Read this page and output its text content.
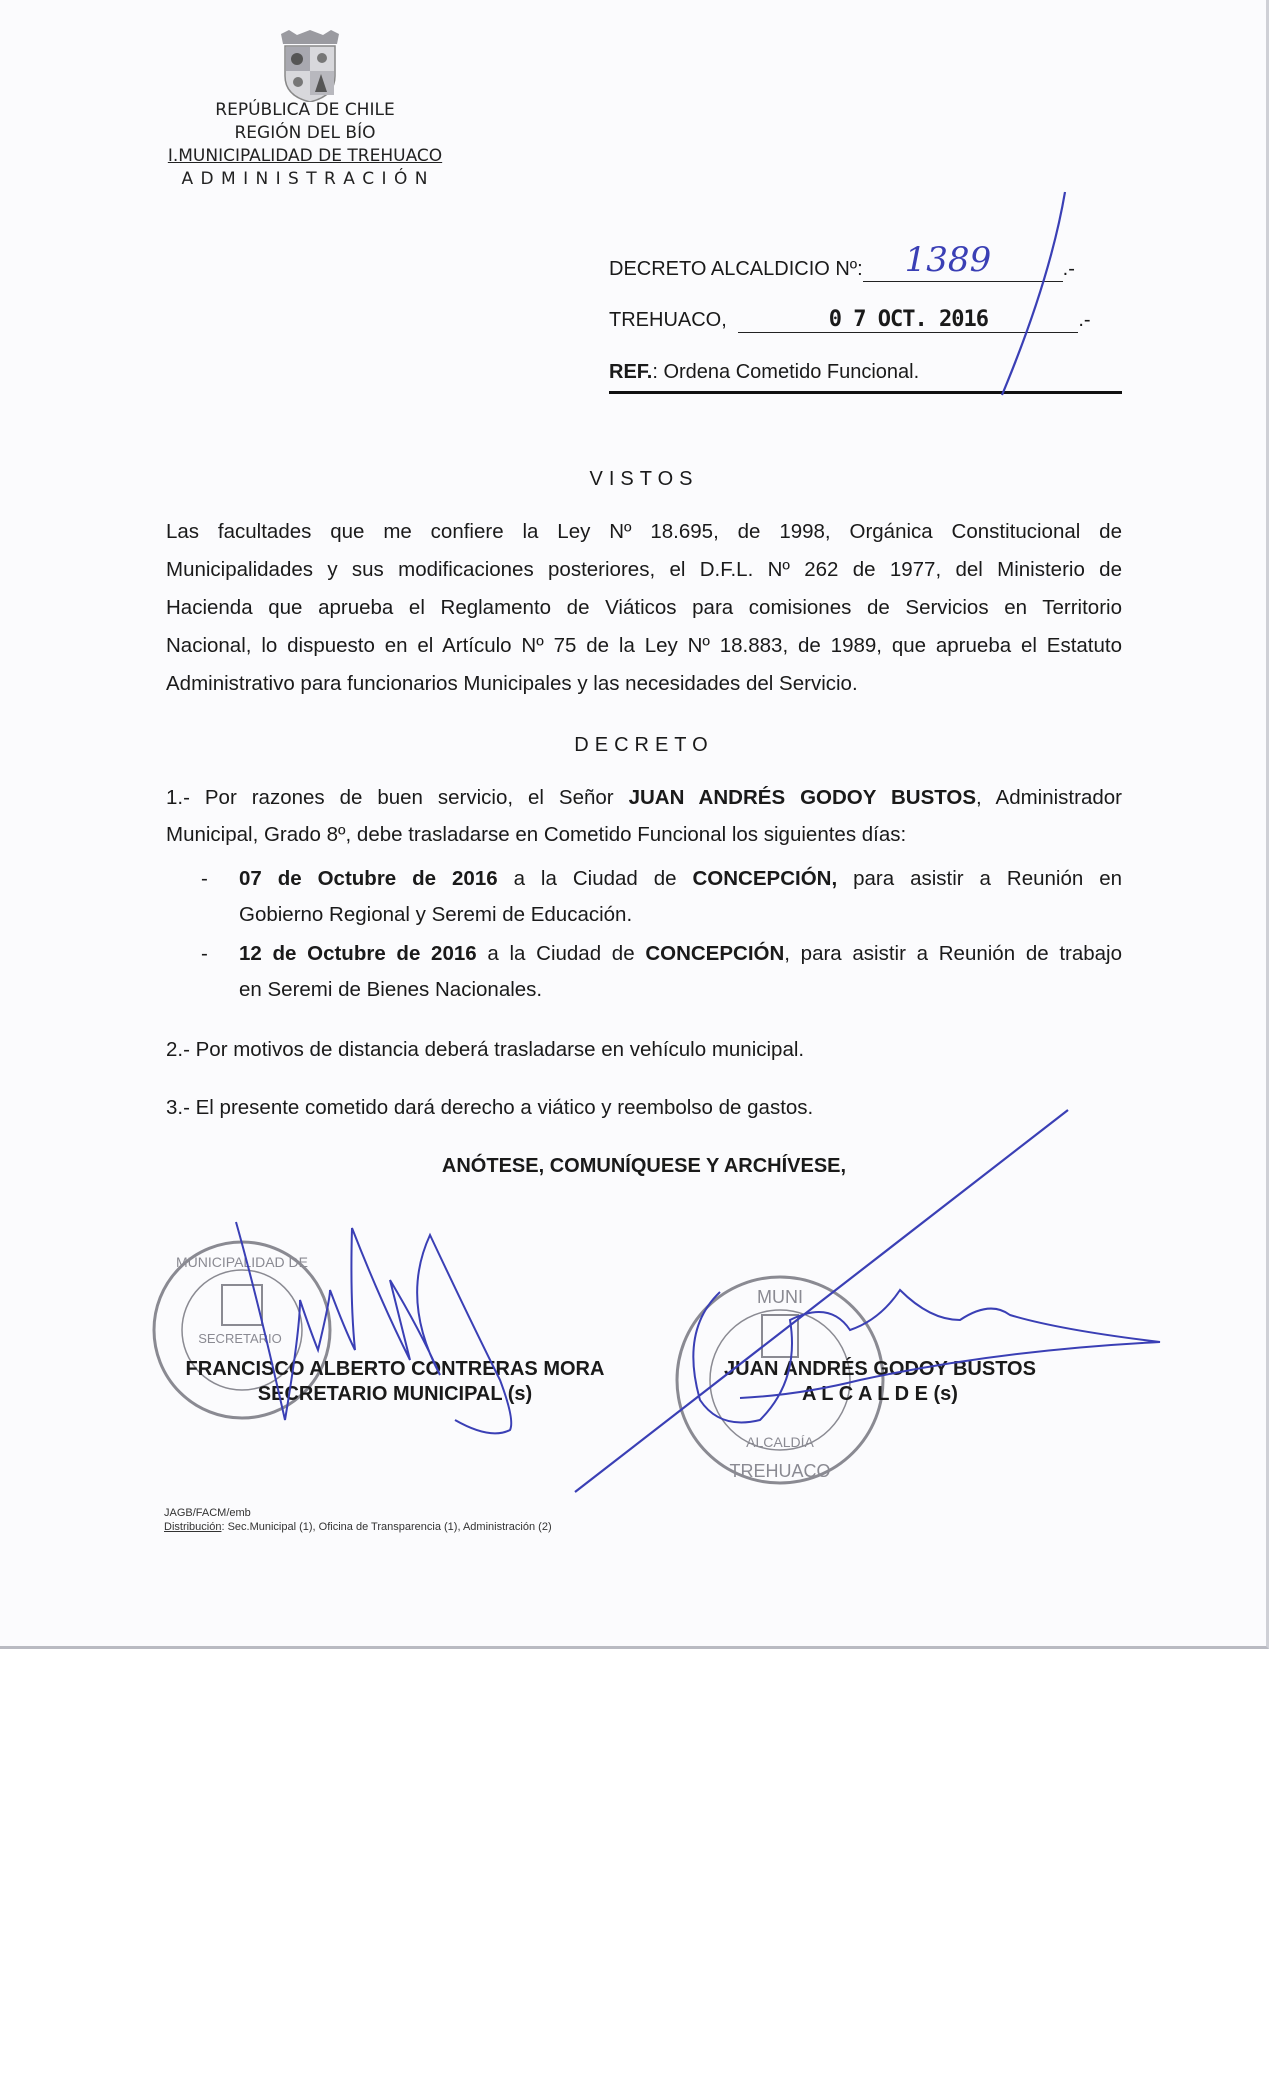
REPÚBLICA DE CHILE
REGIÓN DEL BÍO
I.MUNICIPALIDAD DE TREHUACO
A D M I N I S T R A C I Ó N
DECRETO ALCALDICIO Nº: 1389	.-
TREHUACO,	0 7 OCT. 2016	.-
REF.: Ordena Cometido Funcional.
VISTOS
Las facultades que me confiere la Ley Nº 18.695, de 1998, Orgánica Constitucional de
Municipalidades y sus modificaciones posteriores, el D.F.L. Nº 262 de 1977, del Ministerio de
Hacienda que aprueba el Reglamento de Viáticos para comisiones de Servicios en Territorio
Nacional, lo dispuesto en el Artículo Nº 75 de la Ley Nº 18.883, de 1989, que aprueba el Estatuto
Administrativo para funcionarios Municipales y las necesidades del Servicio.
DECRETO
1.- Por razones de buen servicio, el Señor JUAN ANDRÉS GODOY BUSTOS, Administrador
Municipal, Grado 8º, debe trasladarse en Cometido Funcional los siguientes días:
- 07 de Octubre de 2016 a la Ciudad de CONCEPCIÓN, para asistir a Reunión en
Gobierno Regional y Seremi de Educación.
- 12 de Octubre de 2016 a la Ciudad de CONCEPCIÓN, para asistir a Reunión de trabajo
en Seremi de Bienes Nacionales.
2.- Por motivos de distancia deberá trasladarse en vehículo municipal.
3.- El presente cometido dará derecho a viático y reembolso de gastos.
ANÓTESE, COMUNÍQUESE Y ARCHÍVESE,
MUNICIPALIDAD DE
SECRETARIO
MUNI
TREHUACO
ALCALDÍA
FRANCISCO ALBERTO CONTRERAS MORA
SECRETARIO MUNICIPAL (s)
JUAN ANDRÉS GODOY BUSTOS
A L C A L D E (s)
JAGB/FACM/emb
Distribución: Sec.Municipal (1), Oficina de Transparencia (1), Administración (2)
